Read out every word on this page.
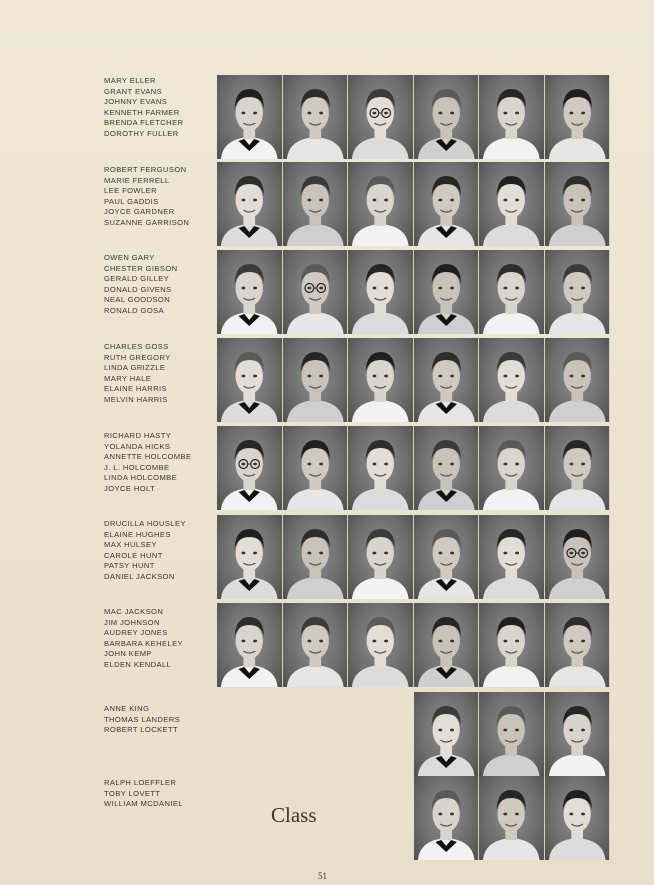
MARY ELLER
GRANT EVANS
JOHNNY EVANS
KENNETH FARMER
BRENDA FLETCHER
DOROTHY FULLER
ROBERT FERGUSON
MARIE FERRELL
LEE FOWLER
PAUL GADDIS
JOYCE GARDNER
SUZANNE GARRISON
OWEN GARY
CHESTER GIBSON
GERALD GILLEY
DONALD GIVENS
NEAL GOODSON
RONALD GOSA
CHARLES GOSS
RUTH GREGORY
LINDA GRIZZLE
MARY HALE
ELAINE HARRIS
MELVIN HARRIS
RICHARD HASTY
YOLANDA HICKS
ANNETTE HOLCOMBE
J. L. HOLCOMBE
LINDA HOLCOMBE
JOYCE HOLT
DRUCILLA HOUSLEY
ELAINE HUGHES
MAX HULSEY
CAROLE HUNT
PATSY HUNT
DANIEL JACKSON
MAC JACKSON
JIM JOHNSON
AUDREY JONES
BARBARA KEHELEY
JOHN KEMP
ELDEN KENDALL
ANNE KING
THOMAS LANDERS
ROBERT LOCKETT
RALPH LOEFFLER
TOBY LOVETT
WILLIAM MCDANIEL	Class
51
